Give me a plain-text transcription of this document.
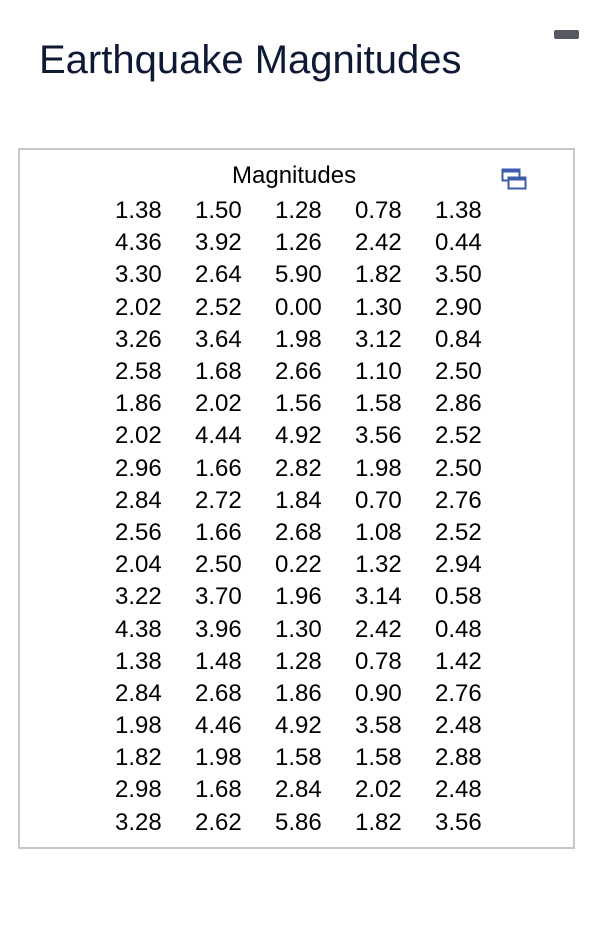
Earthquake Magnitudes
Magnitudes
1.38	1.50	1.28	0.78	1.38
4.36	3.92	1.26	2.42	0.44
3.30	2.64	5.90	1.82	3.50
2.02	2.52	0.00	1.30	2.90
3.26	3.64	1.98	3.12	0.84
2.58	1.68	2.66	1.10	2.50
1.86	2.02	1.56	1.58	2.86
2.02	4.44	4.92	3.56	2.52
2.96	1.66	2.82	1.98	2.50
2.84	2.72	1.84	0.70	2.76
2.56	1.66	2.68	1.08	2.52
2.04	2.50	0.22	1.32	2.94
3.22	3.70	1.96	3.14	0.58
4.38	3.96	1.30	2.42	0.48
1.38	1.48	1.28	0.78	1.42
2.84	2.68	1.86	0.90	2.76
1.98	4.46	4.92	3.58	2.48
1.82	1.98	1.58	1.58	2.88
2.98	1.68	2.84	2.02	2.48
3.28	2.62	5.86	1.82	3.56
